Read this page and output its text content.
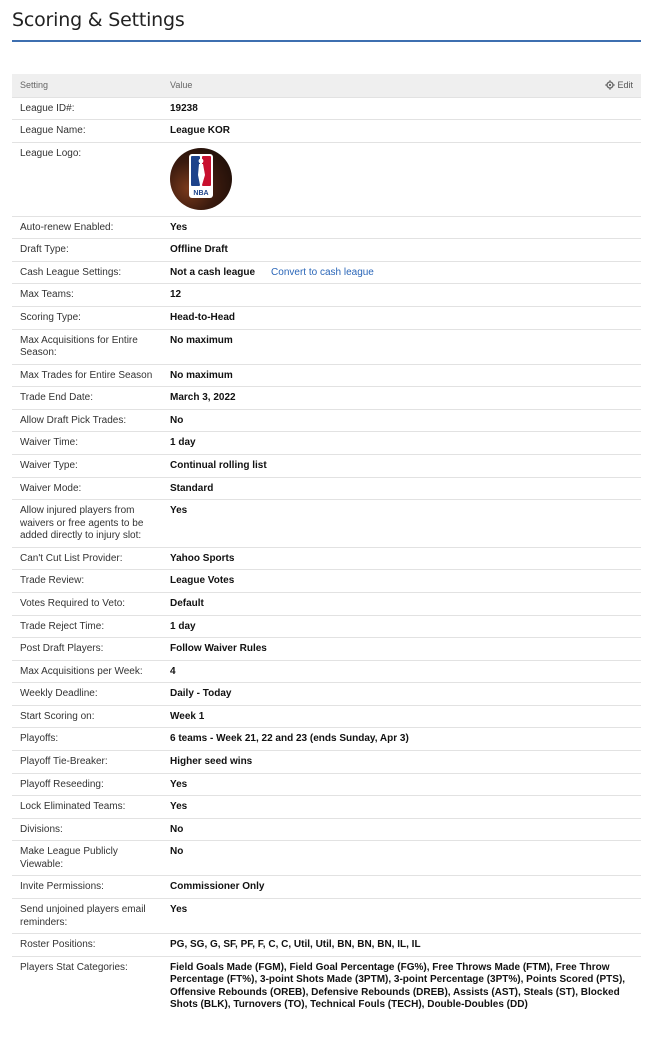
Scoring & Settings
Setting	Value Edit

League ID#:	19238
League Name:	League KOR
League Logo:	NBA

Auto-renew Enabled:	Yes
Draft Type:	Offline Draft
Cash League Settings:	Not a cash league Convert to cash league
Max Teams:	12
Scoring Type:	Head-to-Head
Max Acquisitions for Entire Season:	No maximum
Max Trades for Entire Season	No maximum
Trade End Date:	March 3, 2022
Allow Draft Pick Trades:	No
Waiver Time:	1 day
Waiver Type:	Continual rolling list
Waiver Mode:	Standard
Allow injured players from waivers or free agents to be added directly to injury slot:	Yes
Can't Cut List Provider:	Yahoo Sports
Trade Review:	League Votes
Votes Required to Veto:	Default
Trade Reject Time:	1 day
Post Draft Players:	Follow Waiver Rules
Max Acquisitions per Week:	4
Weekly Deadline:	Daily - Today
Start Scoring on:	Week 1
Playoffs:	6 teams - Week 21, 22 and 23 (ends Sunday, Apr 3)
Playoff Tie-Breaker:	Higher seed wins
Playoff Reseeding:	Yes
Lock Eliminated Teams:	Yes
Divisions:	No
Make League Publicly Viewable:	No
Invite Permissions:	Commissioner Only
Send unjoined players email reminders:	Yes
Roster Positions:	PG, SG, G, SF, PF, F, C, C, Util, Util, BN, BN, BN, IL, IL
Players Stat Categories:	Field Goals Made (FGM), Field Goal Percentage (FG%), Free Throws Made (FTM), Free Throw Percentage (FT%), 3-point Shots Made (3PTM), 3-point Percentage (3PT%), Points Scored (PTS), Offensive Rebounds (OREB), Defensive Rebounds (DREB), Assists (AST), Steals (ST), Blocked Shots (BLK), Turnovers (TO), Technical Fouls (TECH), Double-Doubles (DD)
